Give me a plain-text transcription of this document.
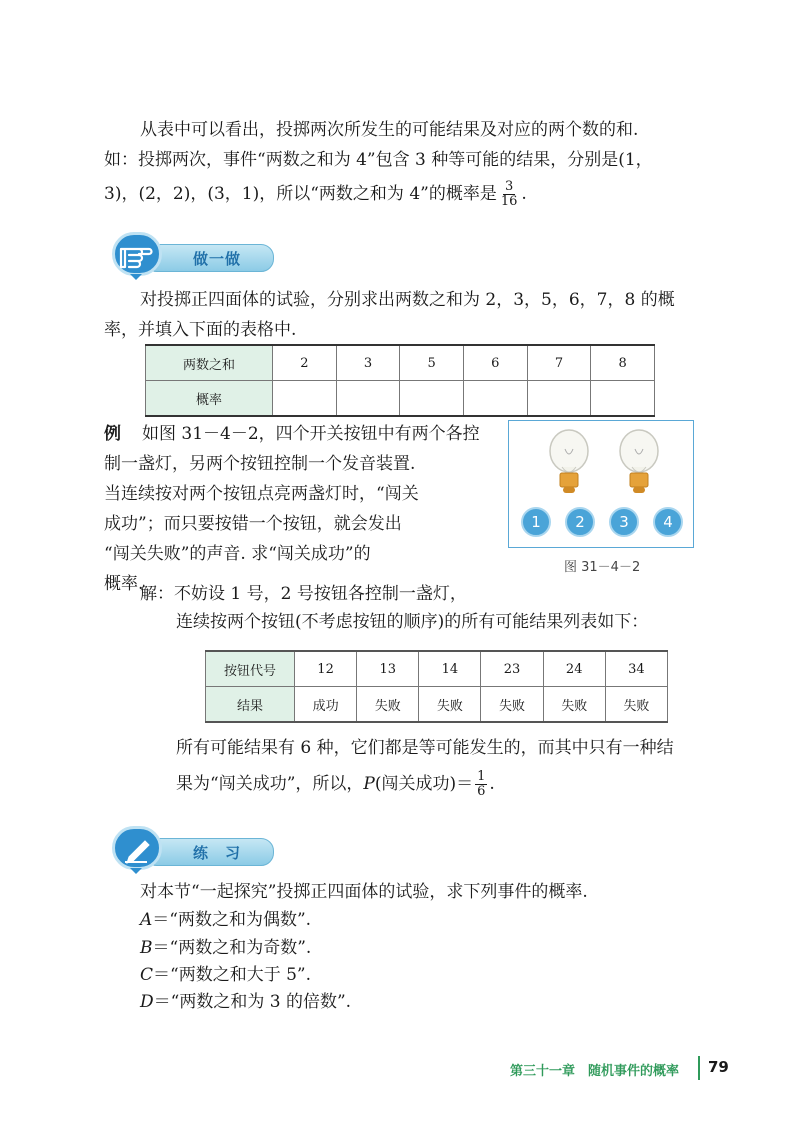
从表中可以看出，投掷两次所发生的可能结果及对应的两个数的和.
如：投掷两次，事件“两数之和为 4”包含 3 种等可能的结果，分别是(1，
3)，(2，2)，(3，1)，所以“两数之和为 4”的概率是 $\frac{3}{16}$ .
做一做
对投掷正四面体的试验，分别求出两数之和为 2，3，5，6，7，8 的概
率，并填入下面的表格中.
两数之和	2	3	5	6	7	8
概率						
例 如图 31－4－2，四个开关按钮中有两个各控
制一盏灯，另两个按钮控制一个发音装置.
当连续按对两个按钮点亮两盏灯时，“闯关
成功”；而只要按错一个按钮，就会发出
“闯关失败”的声音. 求“闯关成功”的
概率.
1	2	3	4
图 31－4－2
解：不妨设 1 号，2 号按钮各控制一盏灯，
连续按两个按钮(不考虑按钮的顺序)的所有可能结果列表如下：
按钮代号	12	13	14	23	24	34
结果	成功	失败	失败	失败	失败	失败
所有可能结果有 6 种，它们都是等可能发生的，而其中只有一种结
果为“闯关成功”，所以，P(闯关成功)＝ $\frac{1}{6}$ .
练　习
对本节“一起探究”投掷正四面体的试验，求下列事件的概率.
A＝“两数之和为偶数”.
B＝“两数之和为奇数”.
C＝“两数之和大于 5”.
D＝“两数之和为 3 的倍数”.
第三十一章　随机事件的概率 79
